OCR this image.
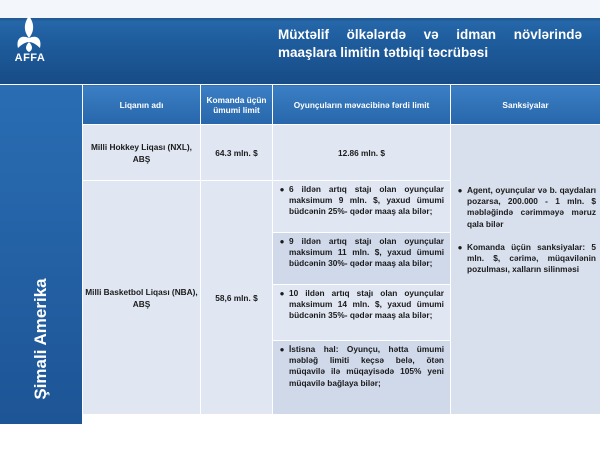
AFFA
Müxtəlif ölkələrdə və idman növlərində
maaşlara limitin tətbiqi təcrübəsi
Şimali Amerika
Liqanın adı	Komanda üçün ümumi limit	Oyunçuların məvacibinə fərdi limit	Sanksiyalar
Milli Hokkey Liqası (NXL), ABŞ	64.3 mln. $	12.86 mln. $	● Agent, oyunçular və b. qaydaları pozarsa, 200.000 - 1 mln. $ məbləğində cərimməyə məruz qala bilər
● Komanda üçün sanksiyalar: 5 mln. $, cərimə, müqavilənin pozulması, xalların silinməsi

Milli Basketbol Liqası (NBA), ABŞ	58,6 mln. $	● 6 ildən artıq stajı olan oyunçular maksimum 9 mln. $, yaxud ümumi büdcənin 25%- qədər maaş ala bilər;	

		● 9 ildən artıq stajı olan oyunçular maksimum 11 mln. $, yaxud ümumi büdcənin 30%- qədər maaş ala bilər;	

		● 10 ildən artıq stajı olan oyunçular maksimum 14 mln. $, yaxud ümumi büdcənin 35%- qədər maaş ala bilər;	

		● İstisna hal: Oyunçu, hətta ümumi məbləğ limiti keçsə belə, ötən müqavilə ilə müqayisədə 105% yeni müqavilə bağlaya bilər;	
